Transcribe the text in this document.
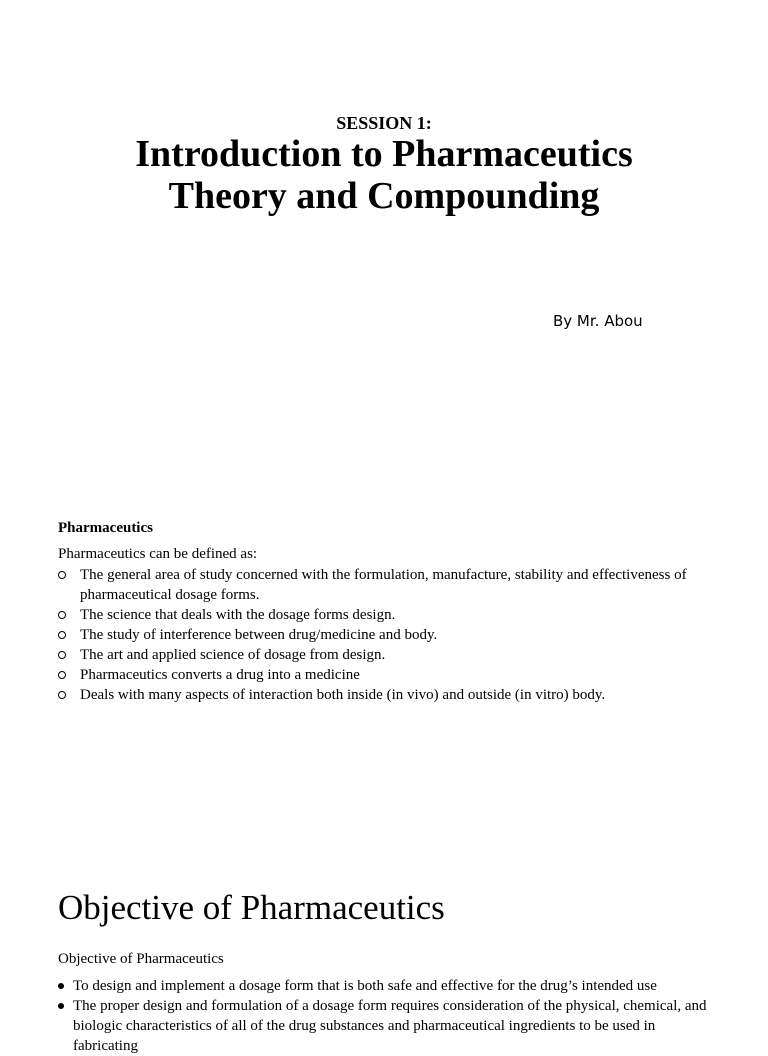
SESSION 1:
Introduction to Pharmaceutics
Theory and Compounding
By Mr. Abou
Pharmaceutics
Pharmaceutics can be defined as:
The general area of study concerned with the formulation, manufacture, stability and effectiveness of pharmaceutical dosage forms.
The science that deals with the dosage forms design.
The study of interference between drug/medicine and body.
The art and applied science of dosage from design.
Pharmaceutics converts a drug into a medicine
Deals with many aspects of interaction both inside (in vivo) and outside (in vitro) body.
Objective of Pharmaceutics
Objective of Pharmaceutics
To design and implement a dosage form that is both safe and effective for the drug’s intended use
The proper design and formulation of a dosage form requires consideration of the physical, chemical, and biologic characteristics of all of the drug substances and pharmaceutical ingredients to be used in fabricating
